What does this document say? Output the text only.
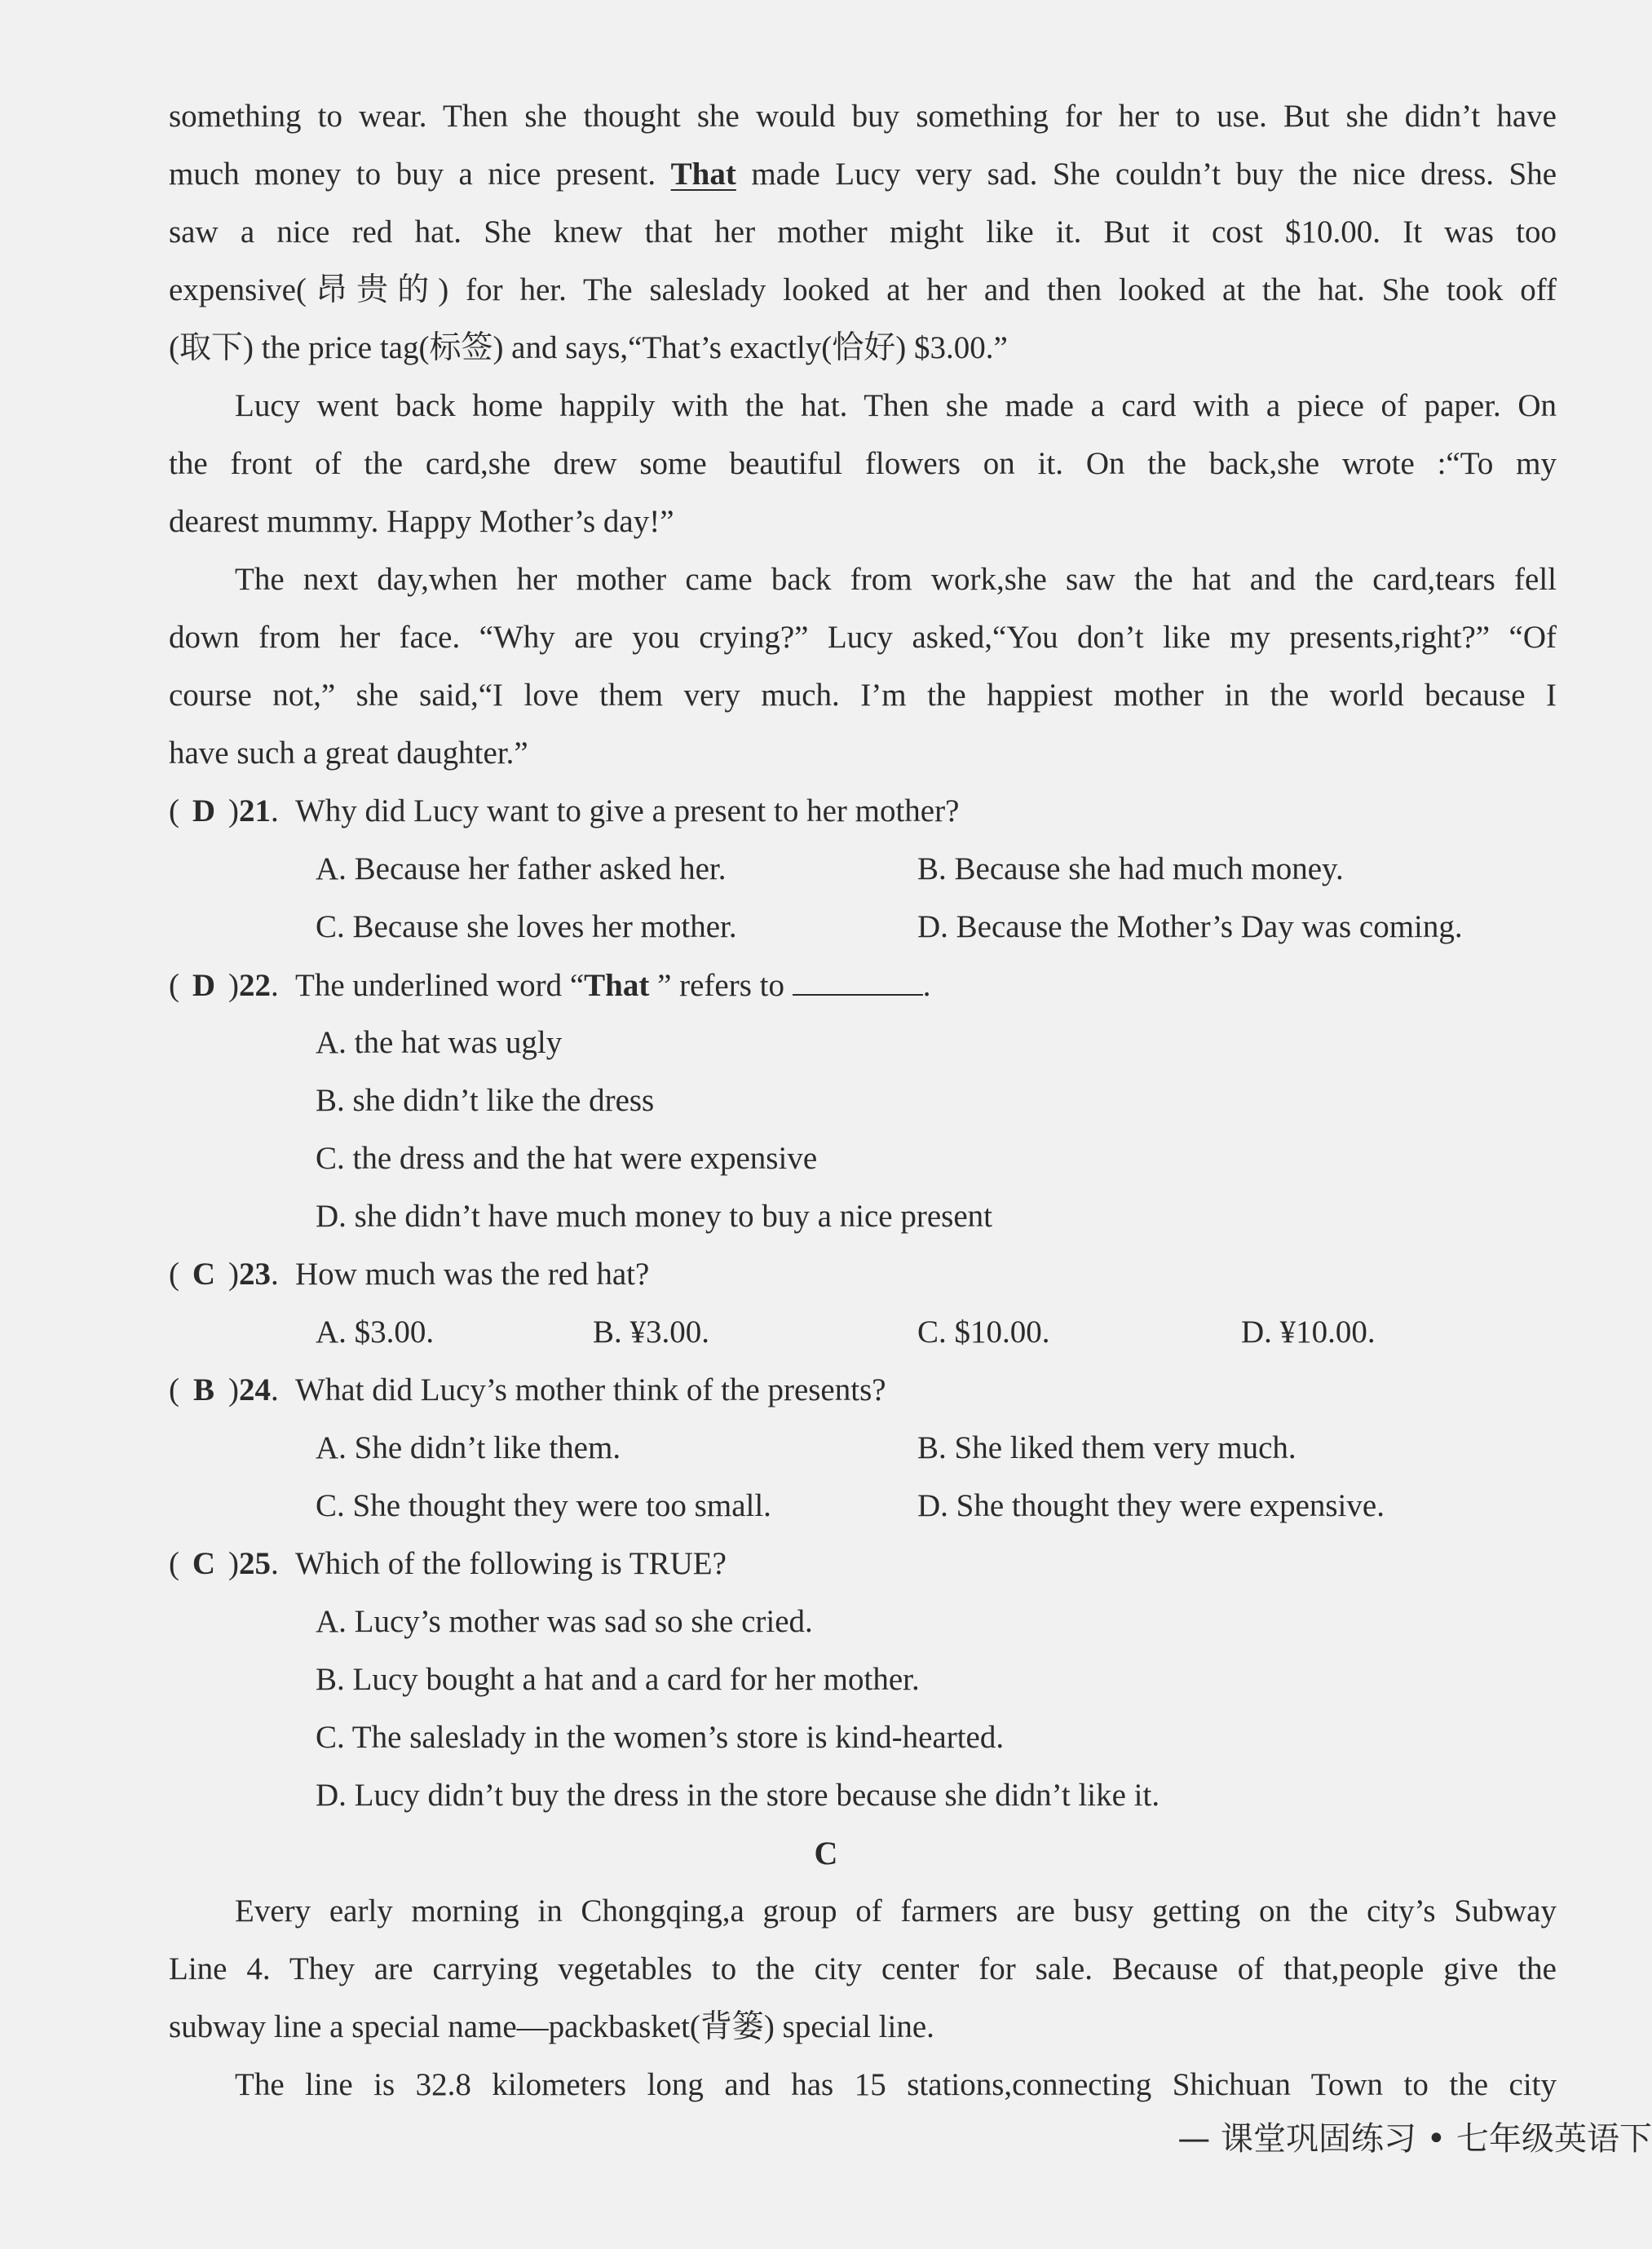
something to wear. Then she thought she would buy something for her to use. But she didn’t have
much money to buy a nice present. That made Lucy very sad. She couldn’t buy the nice dress. She
saw a nice red hat. She knew that her mother might like it. But it cost $10.00. It was too
expensive(昂贵的) for her. The saleslady looked at her and then looked at the hat. She took off
(取下) the price tag(标签) and says,“That’s exactly(恰好) $3.00.”
Lucy went back home happily with the hat. Then she made a card with a piece of paper. On
the front of the card,she drew some beautiful flowers on it. On the back,she wrote :“To my
dearest mummy. Happy Mother’s day!”
The next day,when her mother came back from work,she saw the hat and the card,tears fell
down from her face. “Why are you crying?” Lucy asked,“You don’t like my presents,right?” “Of
course not,” she said,“I love them very much. I’m the happiest mother in the world because I
have such a great daughter.”
( D )21. Why did Lucy want to give a present to her mother?
A. Because her father asked her.	B. Because she had much money.
C. Because she loves her mother.	D. Because the Mother’s Day was coming.
( D )22. The underlined word “That ” refers to	.
A. the hat was ugly
B. she didn’t like the dress
C. the dress and the hat were expensive
D. she didn’t have much money to buy a nice present
( C )23. How much was the red hat?
A. $3.00.	B. ¥3.00.	C. $10.00.	D. ¥10.00.
( B )24. What did Lucy’s mother think of the presents?
A. She didn’t like them.	B. She liked them very much.
C. She thought they were too small.	D. She thought they were expensive.
( C )25. Which of the following is TRUE?
A. Lucy’s mother was sad so she cried.
B. Lucy bought a hat and a card for her mother.
C. The saleslady in the women’s store is kind-hearted.
D. Lucy didn’t buy the dress in the store because she didn’t like it.
C
Every early morning in Chongqing,a group of farmers are busy getting on the city’s Subway
Line 4. They are carrying vegetables to the city center for sale. Because of that,people give the
subway line a special name—packbasket(背篓) special line.
The line is 32.8 kilometers long and has 15 stations,connecting Shichuan Town to the city
— 课堂巩固练习 • 七年级英语下
